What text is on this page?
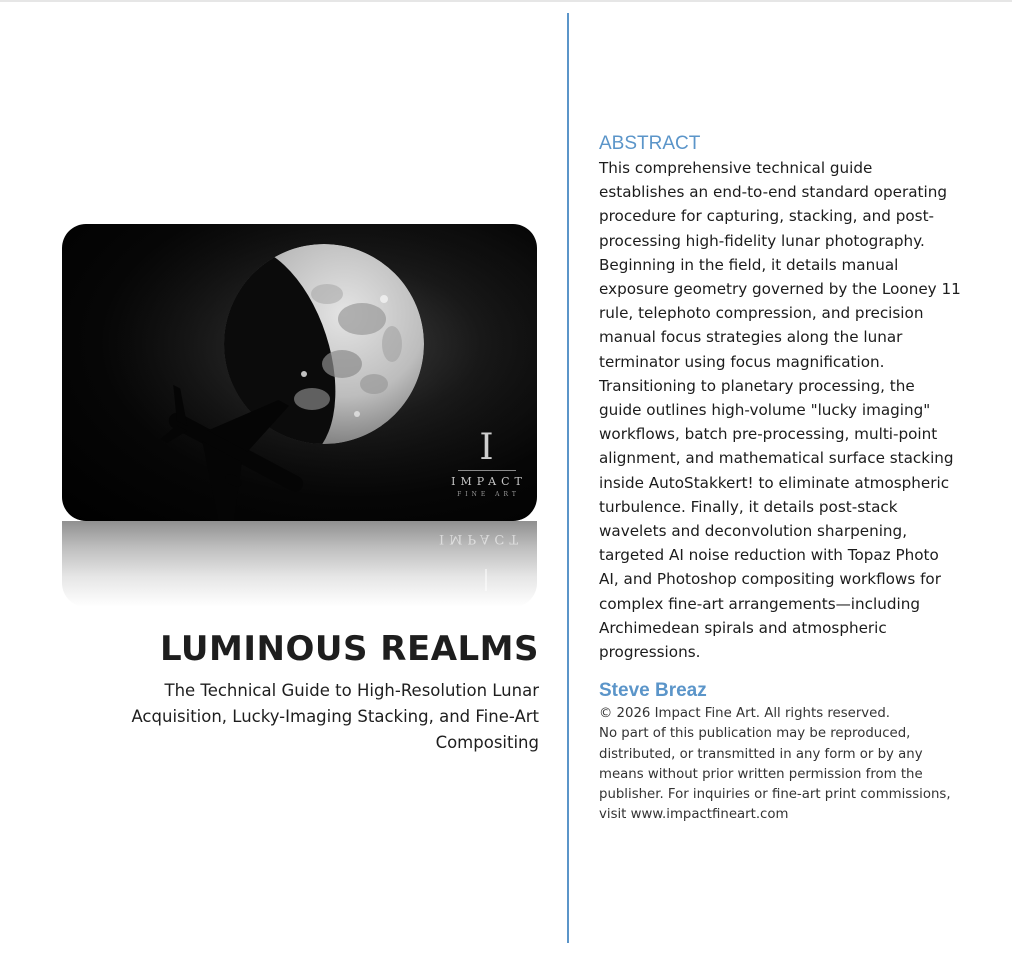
I
IMPACT
FINE ART
IMPACT
LUMINOUS REALMS

The Technical Guide to High-Resolution Lunar Acquisition, Lucky-Imaging Stacking, and Fine-Art Compositing

ABSTRACT

This comprehensive technical guide establishes an end-to-end standard operating procedure for capturing, stacking, and post-processing high-fidelity lunar photography. Beginning in the field, it details manual exposure geometry governed by the Looney 11 rule, telephoto compression, and precision manual focus strategies along the lunar terminator using focus magnification. Transitioning to planetary processing, the guide outlines high-volume "lucky imaging" workflows, batch pre-processing, multi-point alignment, and mathematical surface stacking inside AutoStakkert! to eliminate atmospheric turbulence. Finally, it details post-stack wavelets and deconvolution sharpening, targeted AI noise reduction with Topaz Photo AI, and Photoshop compositing workflows for complex fine-art arrangements—including Archimedean spirals and atmospheric progressions.

Steve Breaz

© 2026 Impact Fine Art. All rights reserved.
No part of this publication may be reproduced, distributed, or transmitted in any form or by any means without prior written permission from the publisher. For inquiries or fine-art print commissions, visit www.impactfineart.com
